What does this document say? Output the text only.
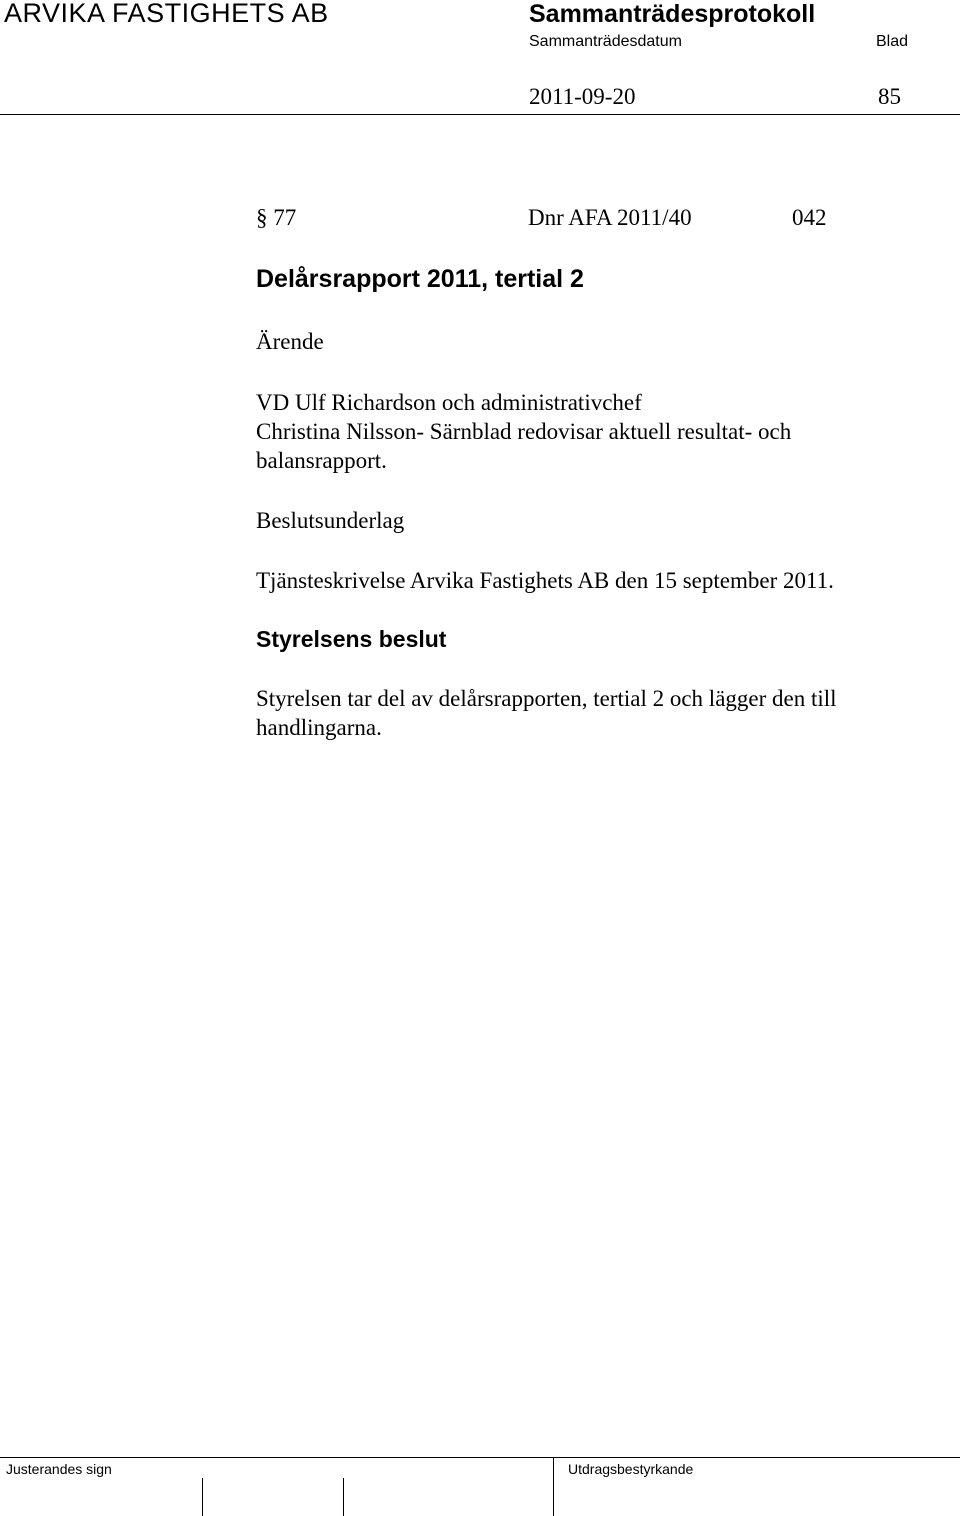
ARVIKA FASTIGHETS AB	Sammanträdesprotokoll
Sammanträdesdatum	Blad
2011-09-20	85
§ 77	Dnr AFA 2011/40	042
Delårsrapport 2011, tertial 2
Ärende
VD Ulf Richardson och administrativchef
Christina Nilsson- Särnblad redovisar aktuell resultat- och
balansrapport.
Beslutsunderlag
Tjänsteskrivelse Arvika Fastighets AB den 15 september 2011.
Styrelsens beslut
Styrelsen tar del av delårsrapporten, tertial 2 och lägger den till
handlingarna.
Justerandes sign	Utdragsbestyrkande
